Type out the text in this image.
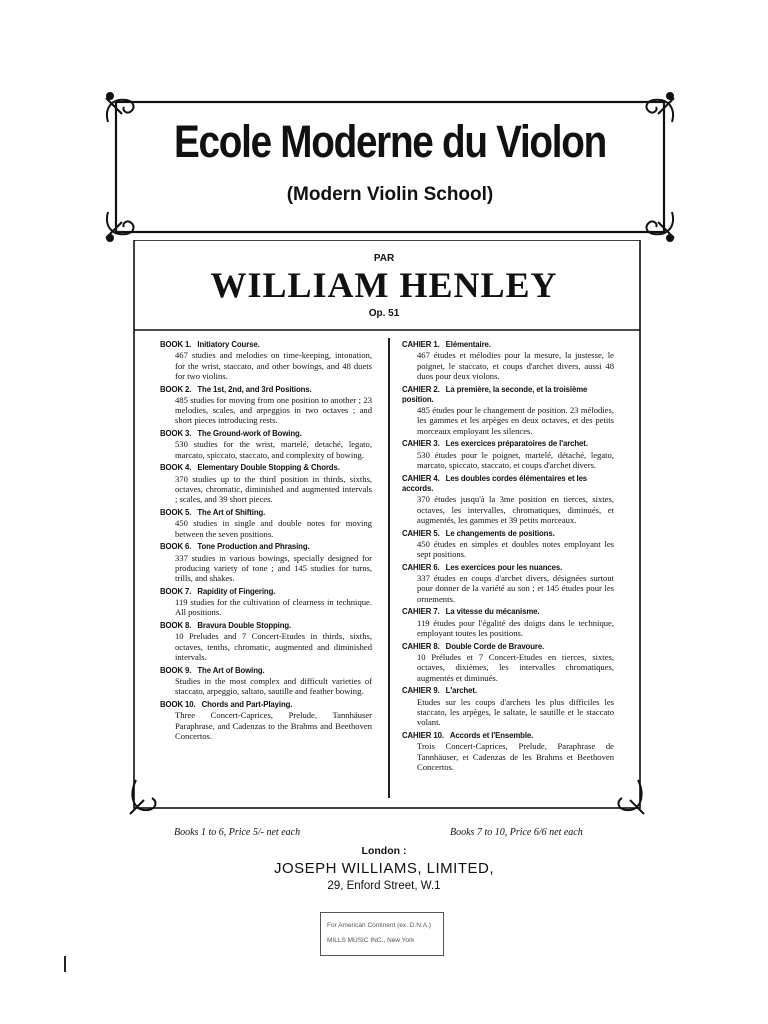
Ecole Moderne du Violon
(Modern Violin School)
PAR
WILLIAM HENLEY
Op. 51
BOOK 1. Initiatory Course.
467 studies and melodies on time-keeping, intonation, for the wrist, staccato, and other bowings, and 48 duets for two violins.
BOOK 2. The 1st, 2nd, and 3rd Positions.
485 studies for moving from one position to another ; 23 melodies, scales, and arpeggios in two octaves ; and short pieces introducing rests.
BOOK 3. The Ground-work of Bowing.
530 studies for the wrist, martelé, detaché, legato, marcato, spiccato, staccato, and complexity of bowing.
BOOK 4. Elementary Double Stopping & Chords.
370 studies up to the third position in thirds, sixths, octaves, chromatic, diminished and augmented intervals ; scales, and 39 short pieces.
BOOK 5. The Art of Shifting.
450 studies in single and double notes for moving between the seven positions.
BOOK 6. Tone Production and Phrasing.
337 studies in various bowings, specially designed for producing variety of tone ; and 145 studies for turns, trills, and shakes.
BOOK 7. Rapidity of Fingering.
119 studies for the cultivation of clearness in technique. All positions.
BOOK 8. Bravura Double Stopping.
10 Preludes and 7 Concert-Etudes in thirds, sixths, octaves, tenths, chromatic, augmented and diminished intervals.
BOOK 9. The Art of Bowing.
Studies in the most complex and difficult varieties of staccato, arpeggio, saltato, sautille and feather bowing.
BOOK 10. Chords and Part-Playing.
Three Concert-Caprices, Prelude, Tannhäuser Paraphrase, and Cadenzas to the Brahms and Beethoven Concertos.
CAHIER 1. Elémentaire.
467 études et mélodies pour la mesure, la justesse, le poignet, le staccato, et coups d'archet divers, aussi 48 duos pour deux violons.
CAHIER 2. La première, la seconde, et la troisième position.
485 études pour le changement de position. 23 mélodies, les gammes et les arpèges en deux octaves, et des petits morceaux employant les silences.
CAHIER 3. Les exercices préparatoires de l'archet.
530 études pour le poignet, martelé, détaché, legato, marcato, spiccato, staccato, et coups d'archet divers.
CAHIER 4. Les doubles cordes élémentaires et les accords.
370 études jusqu'à la 3me position en tierces, sixtes, octaves, les intervalles, chromatiques, diminués, et augmentés, les gammes et 39 petits morceaux.
CAHIER 5. Le changements de positions.
450 études en simples et doubles notes employant les sept positions.
CAHIER 6. Les exercices pour les nuances.
337 études en coups d'archet divers, désignées surtout pour donner de la variété au son ; et 145 études pour les ornements.
CAHIER 7. La vitesse du mécanisme.
119 études pour l'égalité des doigts dans le technique, employant toutes les positions.
CAHIER 8. Double Corde de Bravoure.
10 Préludes et 7 Concert-Etudes en tierces, sixtes, octaves, dixièmes, les intervalles chromatiques, augmentés et diminués.
CAHIER 9. L'archet.
Etudes sur les coups d'archets les plus difficiles les staccato, les arpèges, le saltate, le sautille et le staccato volant.
CAHIER 10. Accords et l'Ensemble.
Trois Concert-Caprices, Prelude, Paraphrase de Tannhäuser, et Cadenzas de les Brahms et Beethoven Concertos.
Books 1 to 6, Price 5/- net each	Books 7 to 10, Price 6/6 net each
London :
JOSEPH WILLIAMS, LIMITED,
29, Enford Street, W.1
For American Continent (ex. D.N.A.)
MILLS MUSIC INC., New York
